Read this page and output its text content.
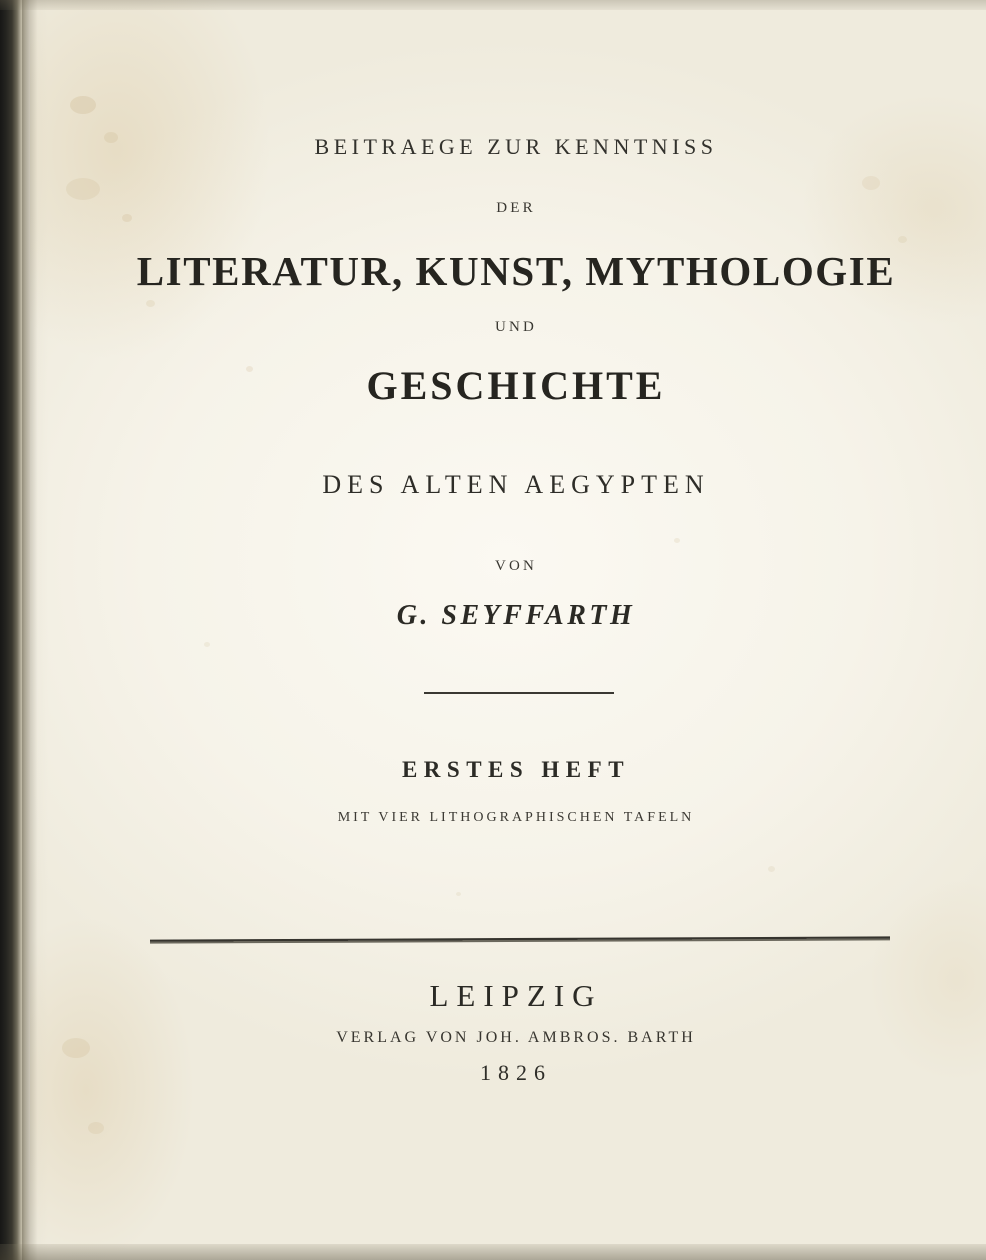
BEITRAEGE ZUR KENNTNISS
DER
LITERATUR, KUNST, MYTHOLOGIE
UND
GESCHICHTE
DES ALTEN AEGYPTEN
VON
G. SEYFFARTH
ERSTES HEFT
MIT VIER LITHOGRAPHISCHEN TAFELN
LEIPZIG
VERLAG VON JOH. AMBROS. BARTH
1826
